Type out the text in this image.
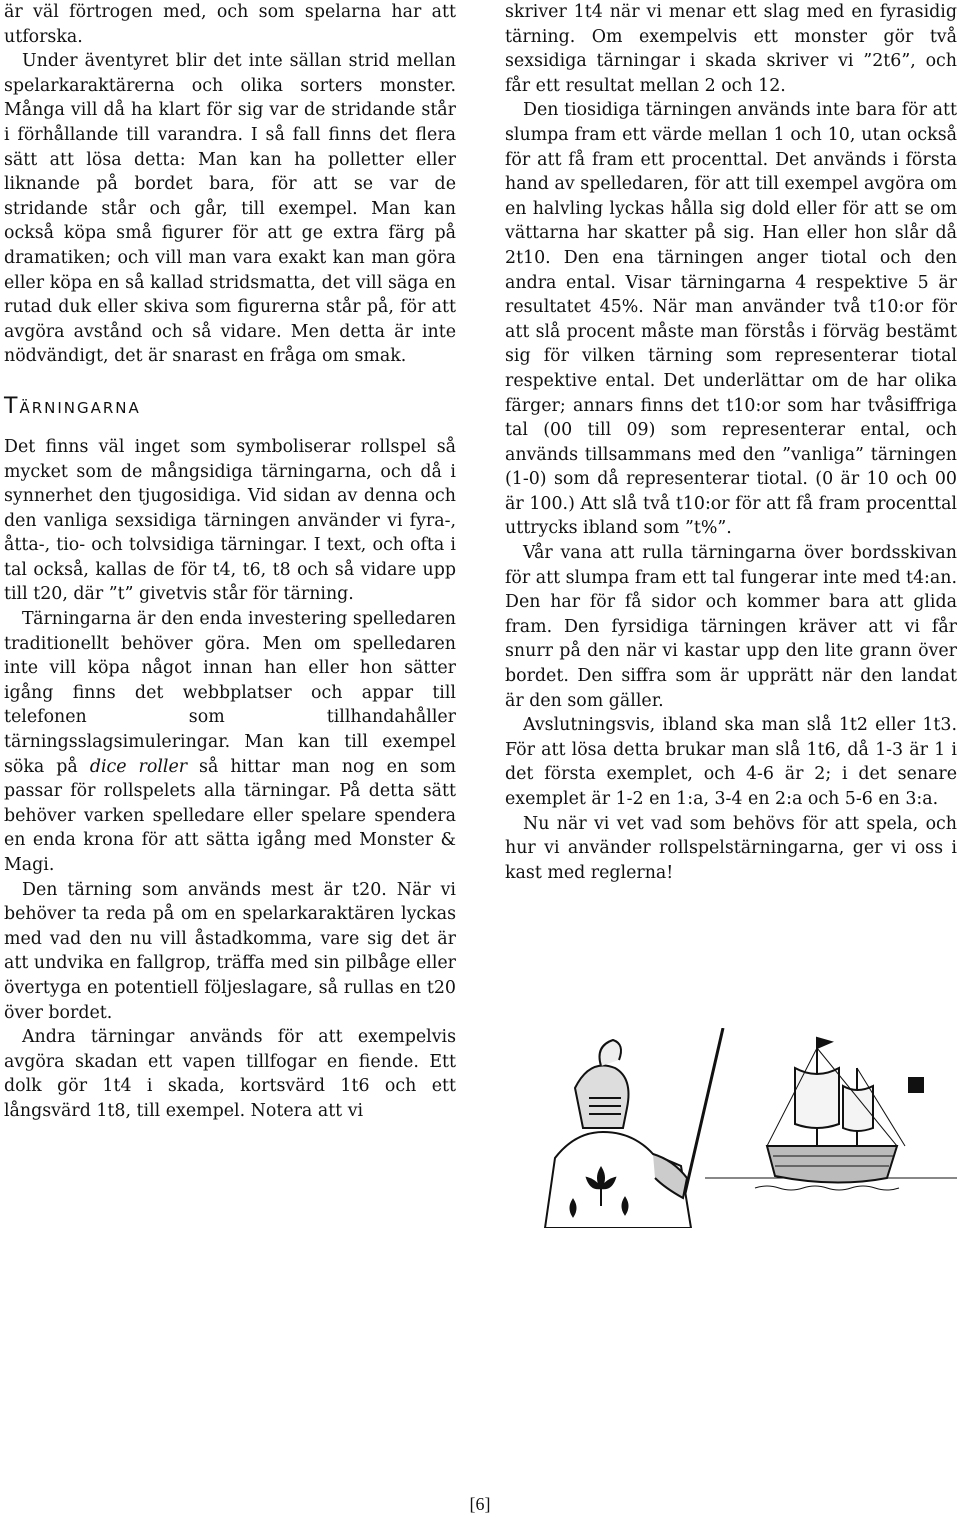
är väl förtrogen med, och som spelarna har att utforska.

Under äventyret blir det inte sällan strid mellan spelarkaraktärerna och olika sorters monster. Många vill då ha klart för sig var de stridande står i förhållande till varandra. I så fall finns det flera sätt att lösa detta: Man kan ha polletter eller liknande på bordet bara, för att se var de stridande står och går, till exempel. Man kan också köpa små figurer för att ge extra färg på dramatiken; och vill man vara exakt kan man göra eller köpa en så kallad stridsmatta, det vill säga en rutad duk eller skiva som figurerna står på, för att avgöra avstånd och så vidare. Men detta är inte nödvändigt, det är snarast en fråga om smak.

Tärningarna

Det finns väl inget som symboliserar rollspel så mycket som de mångsidiga tärningarna, och då i synnerhet den tjugosidiga. Vid sidan av denna och den vanliga sexsidiga tärningen använder vi fyra-, åtta-, tio- och tolvsidiga tärningar. I text, och ofta i tal också, kallas de för t4, t6, t8 och så vidare upp till t20, där ”t” givetvis står för tärning.

Tärningarna är den enda investering spelledaren traditionellt behöver göra. Men om spelledaren inte vill köpa något innan han eller hon sätter igång finns det webbplatser och appar till telefonen som tillhandahåller tärningsslagsimuleringar. Man kan till exempel söka på dice roller så hittar man nog en som passar för rollspelets alla tärningar. På detta sätt behöver varken spelledare eller spelare spendera en enda krona för att sätta igång med Monster & Magi.

Den tärning som används mest är t20. När vi behöver ta reda på om en spelarkaraktären lyckas med vad den nu vill åstadkomma, vare sig det är att undvika en fallgrop, träffa med sin pilbåge eller övertyga en potentiell följeslagare, så rullas en t20 över bordet.

Andra tärningar används för att exempelvis avgöra skadan ett vapen tillfogar en fiende. Ett dolk gör 1t4 i skada, kortsvärd 1t6 och ett långsvärd 1t8, till exempel. Notera att vi

skriver 1t4 när vi menar ett slag med en fyrasidig tärning. Om exempelvis ett monster gör två sexsidiga tärningar i skada skriver vi ”2t6”, och får ett resultat mellan 2 och 12.

Den tiosidiga tärningen används inte bara för att slumpa fram ett värde mellan 1 och 10, utan också för att få fram ett procenttal. Det används i första hand av spelledaren, för att till exempel avgöra om en halvling lyckas hålla sig dold eller för att se om vättarna har skatter på sig. Han eller hon slår då 2t10. Den ena tärningen anger tiotal och den andra ental. Visar tärningarna 4 respektive 5 är resultatet 45%. När man använder två t10:or för att slå procent måste man förstås i förväg bestämt sig för vilken tärning som representerar tiotal respektive ental. Det underlättar om de har olika färger; annars finns det t10:or som har tvåsiffriga tal (00 till 09) som representerar ental, och används tillsammans med den ”vanliga” tärningen (1-0) som då representerar tiotal. (0 är 10 och 00 är 100.) Att slå två t10:or för att få fram procenttal uttrycks ibland som ”t%”.

Vår vana att rulla tärningarna över bordsskivan för att slumpa fram ett tal fungerar inte med t4:an. Den har för få sidor och kommer bara att glida fram. Den fyrsidiga tärningen kräver att vi får snurr på den när vi kastar upp den lite grann över bordet. Den siffra som är upprätt när den landat är den som gäller.

Avslutningsvis, ibland ska man slå 1t2 eller 1t3. För att lösa detta brukar man slå 1t6, då 1-3 är 1 i det första exemplet, och 4-6 är 2; i det senare exemplet är 1-2 en 1:a, 3-4 en 2:a och 5-6 en 3:a.

Nu när vi vet vad som behövs för att spela, och hur vi använder rollspelstärningarna, ger vi oss i kast med reglerna!

[6]
